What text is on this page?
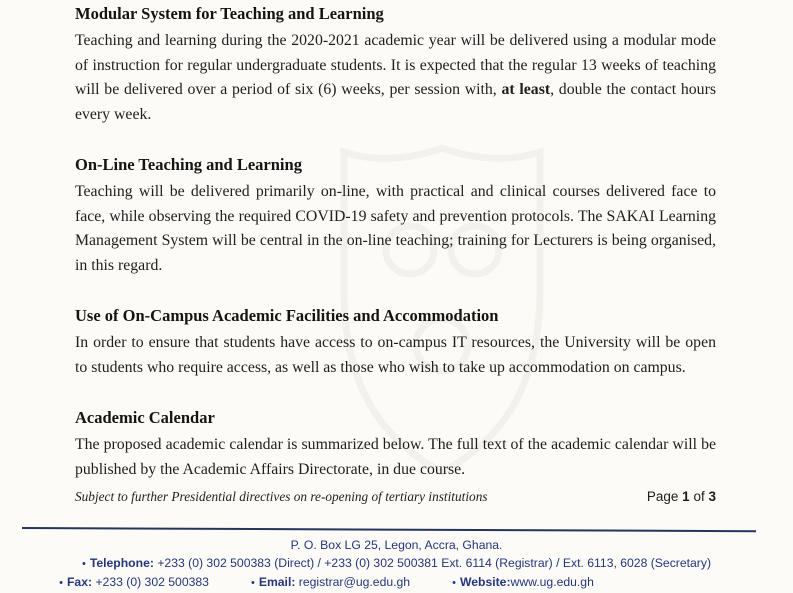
Modular System for Teaching and Learning

Teaching and learning during the 2020-2021 academic year will be delivered using a modular mode of instruction for regular undergraduate students. It is expected that the regular 13 weeks of teaching will be delivered over a period of six (6) weeks, per session with, at least, double the contact hours every week.

On-Line Teaching and Learning

Teaching will be delivered primarily on-line, with practical and clinical courses delivered face to face, while observing the required COVID-19 safety and prevention protocols. The SAKAI Learning Management System will be central in the on-line teaching; training for Lecturers is being organised, in this regard.

Use of On-Campus Academic Facilities and Accommodation

In order to ensure that students have access to on-campus IT resources, the University will be open to students who require access, as well as those who wish to take up accommodation on campus.

Academic Calendar

The proposed academic calendar is summarized below. The full text of the academic calendar will be published by the Academic Affairs Directorate, in due course.

Subject to further Presidential directives on re-opening of tertiary institutions	Page 1 of 3
P. O. Box LG 25, Legon, Accra, Ghana.
• Telephone: +233 (0) 302 500383 (Direct) / +233 (0) 302 500381 Ext. 6114 (Registrar) / Ext. 6113, 6028 (Secretary)
• Fax: +233 (0) 302 500383	• Email: registrar@ug.edu.gh	• Website:www.ug.edu.gh
